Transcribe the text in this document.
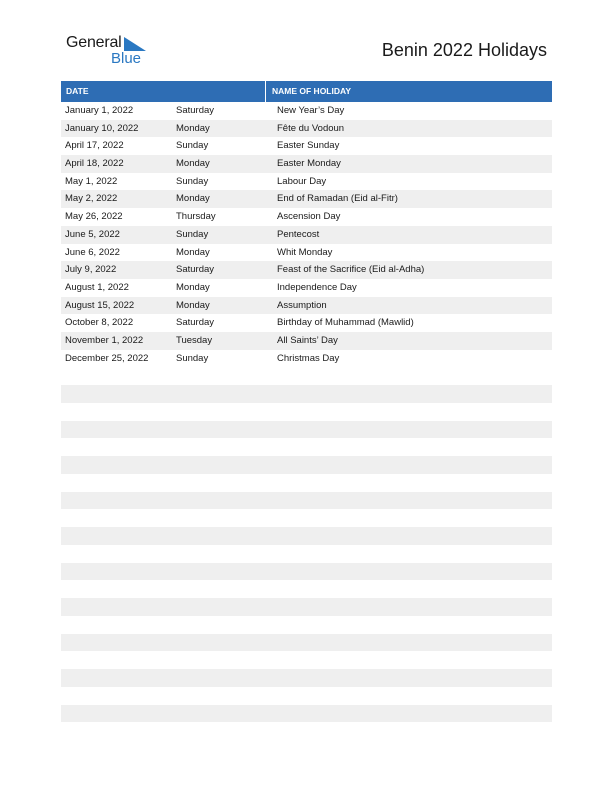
General
Blue	Benin 2022 Holidays
DATE	NAME OF HOLIDAY
January 1, 2022	Saturday	New Year’s Day
January 10, 2022	Monday	Fête du Vodoun
April 17, 2022	Sunday	Easter Sunday
April 18, 2022	Monday	Easter Monday
May 1, 2022	Sunday	Labour Day
May 2, 2022	Monday	End of Ramadan (Eid al-Fitr)
May 26, 2022	Thursday	Ascension Day
June 5, 2022	Sunday	Pentecost
June 6, 2022	Monday	Whit Monday
July 9, 2022	Saturday	Feast of the Sacrifice (Eid al-Adha)
August 1, 2022	Monday	Independence Day
August 15, 2022	Monday	Assumption
October 8, 2022	Saturday	Birthday of Muhammad (Mawlid)
November 1, 2022	Tuesday	All Saints’ Day
December 25, 2022	Sunday	Christmas Day
